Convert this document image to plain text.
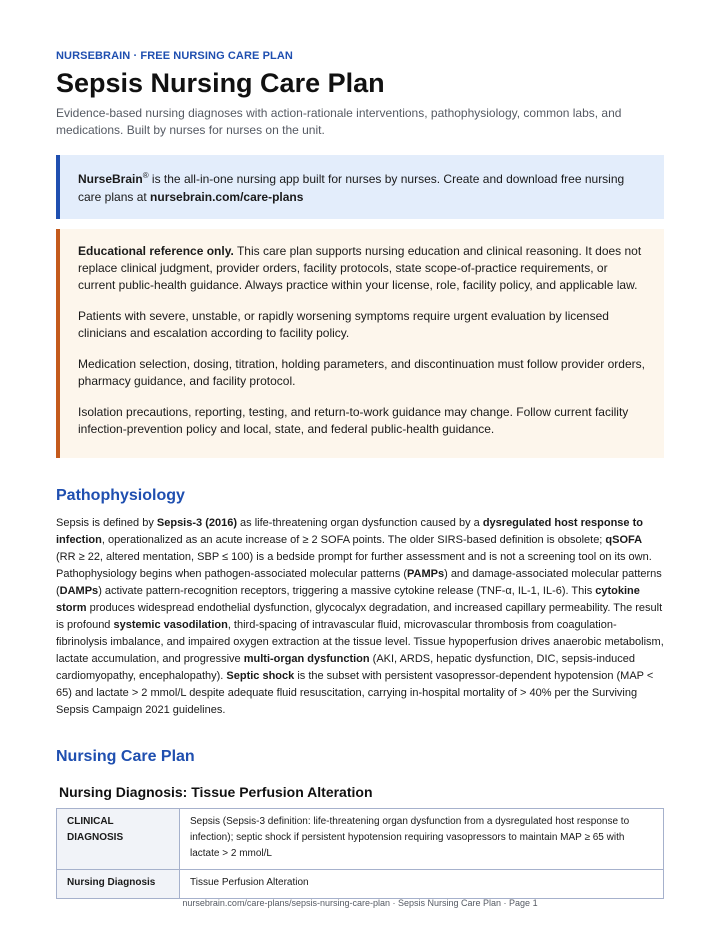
NURSEBRAIN · FREE NURSING CARE PLAN
Sepsis Nursing Care Plan

Evidence-based nursing diagnoses with action-rationale interventions, pathophysiology, common labs, and medications. Built by nurses for nurses on the unit.

NurseBrain® is the all-in-one nursing app built for nurses by nurses. Create and download free nursing care plans at nursebrain.com/care-plans

Educational reference only. This care plan supports nursing education and clinical reasoning. It does not replace clinical judgment, provider orders, facility protocols, state scope-of-practice requirements, or current public-health guidance. Always practice within your license, role, facility policy, and applicable law.

Patients with severe, unstable, or rapidly worsening symptoms require urgent evaluation by licensed clinicians and escalation according to facility policy.

Medication selection, dosing, titration, holding parameters, and discontinuation must follow provider orders, pharmacy guidance, and facility protocol.

Isolation precautions, reporting, testing, and return-to-work guidance may change. Follow current facility infection-prevention policy and local, state, and federal public-health guidance.

Pathophysiology

Sepsis is defined by Sepsis-3 (2016) as life-threatening organ dysfunction caused by a dysregulated host response to infection, operationalized as an acute increase of ≥ 2 SOFA points. The older SIRS-based definition is obsolete; qSOFA (RR ≥ 22, altered mentation, SBP ≤ 100) is a bedside prompt for further assessment and is not a screening tool on its own. Pathophysiology begins when pathogen-associated molecular patterns (PAMPs) and damage-associated molecular patterns (DAMPs) activate pattern-recognition receptors, triggering a massive cytokine release (TNF-α, IL-1, IL-6). This cytokine storm produces widespread endothelial dysfunction, glycocalyx degradation, and increased capillary permeability. The result is profound systemic vasodilation, third-spacing of intravascular fluid, microvascular thrombosis from coagulation-fibrinolysis imbalance, and impaired oxygen extraction at the tissue level. Tissue hypoperfusion drives anaerobic metabolism, lactate accumulation, and progressive multi-organ dysfunction (AKI, ARDS, hepatic dysfunction, DIC, sepsis-induced cardiomyopathy, encephalopathy). Septic shock is the subset with persistent vasopressor-dependent hypotension (MAP < 65) and lactate > 2 mmol/L despite adequate fluid resuscitation, carrying in-hospital mortality of > 40% per the Surviving Sepsis Campaign 2021 guidelines.

Nursing Care Plan
Nursing Diagnosis: Tissue Perfusion Alteration
CLINICAL DIAGNOSIS	Sepsis (Sepsis-3 definition: life-threatening organ dysfunction from a dysregulated host response to infection); septic shock if persistent hypotension requiring vasopressors to maintain MAP ≥ 65 with lactate > 2 mmol/L
Nursing Diagnosis	Tissue Perfusion Alteration
nursebrain.com/care-plans/sepsis-nursing-care-plan · Sepsis Nursing Care Plan · Page 1
